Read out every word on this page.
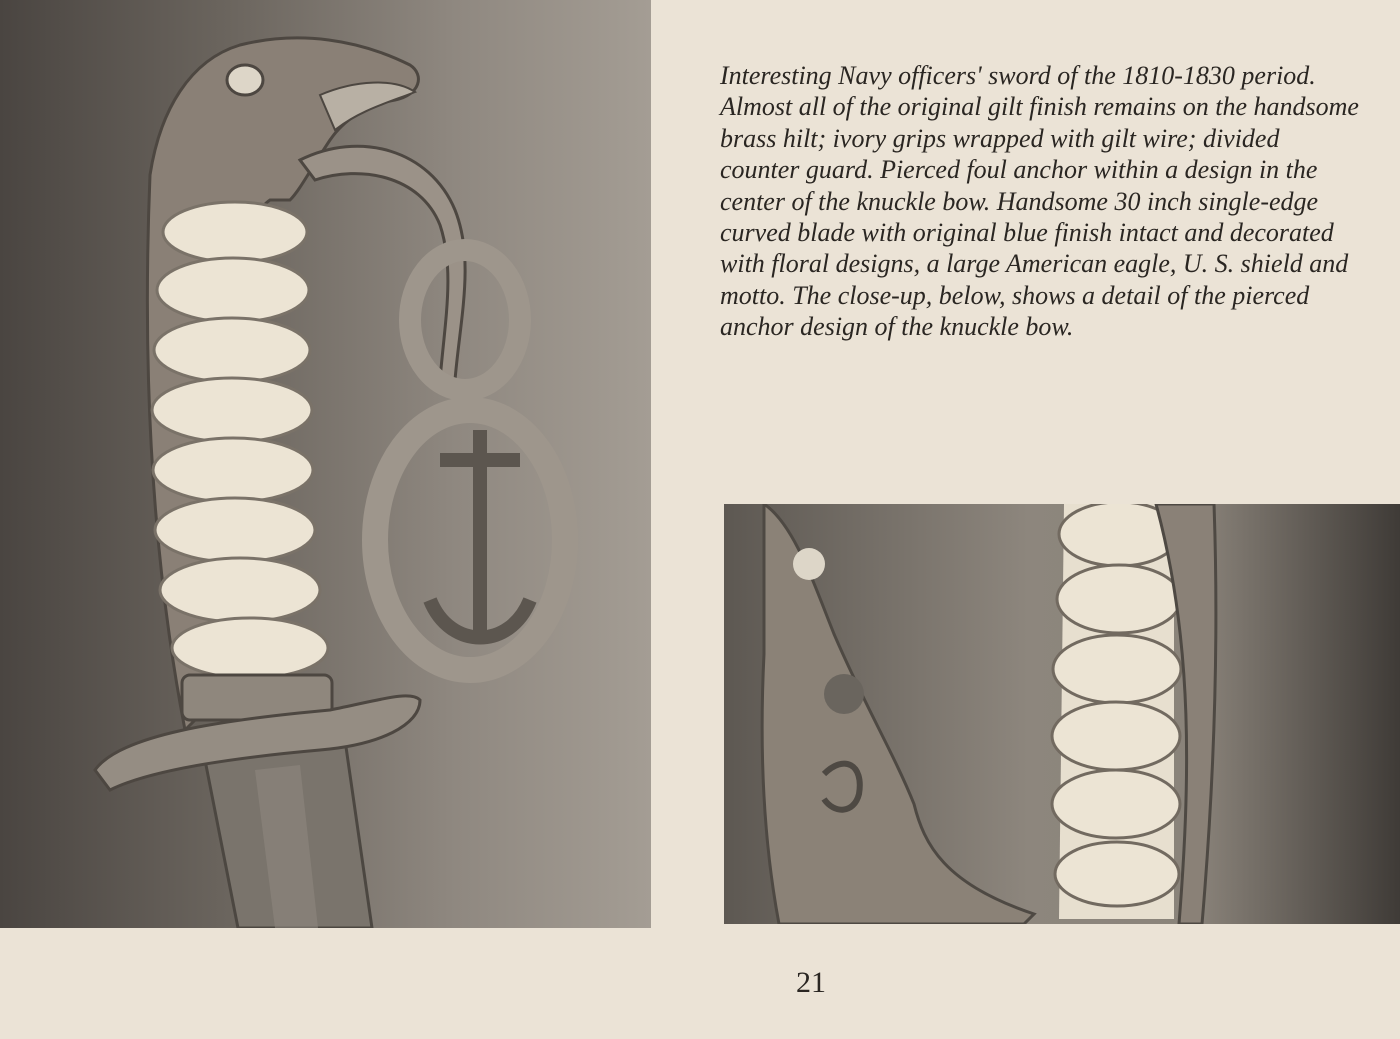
Interesting Navy officers' sword of the 1810-1830 period. Almost all of the original gilt finish remains on the handsome brass hilt; ivory grips wrapped with gilt wire; divided counter guard. Pierced foul anchor within a design in the center of the knuckle bow. Handsome 30 inch single-edge curved blade with original blue finish intact and decorated with floral designs, a large American eagle, U. S. shield and motto. The close-up, below, shows a detail of the pierced anchor design of the knuckle bow.

21
